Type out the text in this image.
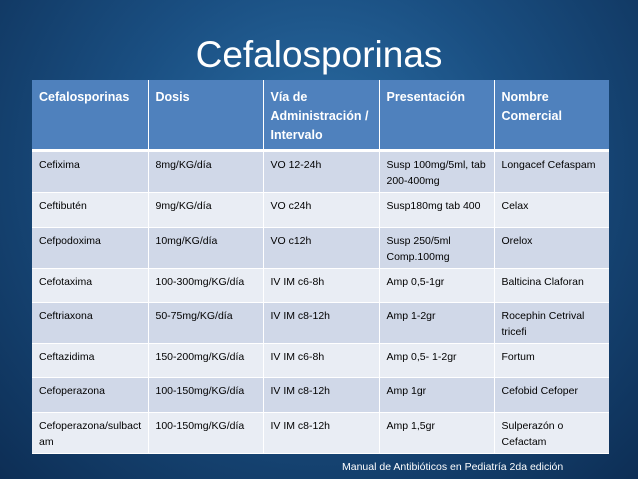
Cefalosporinas
Cefalosporinas	Dosis	Vía de Administración / Intervalo	Presentación	Nombre Comercial
Cefixima	8mg/KG/día	VO 12-24h	Susp 100mg/5ml, tab 200-400mg	Longacef Cefaspam
Ceftibutén	9mg/KG/día	VO c24h	Susp180mg tab 400	Celax
Cefpodoxima	10mg/KG/día	VO c12h	Susp 250/5ml Comp.100mg	Orelox
Cefotaxima	100-300mg/KG/día	IV IM c6-8h	Amp 0,5-1gr	Balticina Claforan
Ceftriaxona	50-75mg/KG/día	IV IM c8-12h	Amp 1-2gr	Rocephin Cetrival tricefi
Ceftazidima	150-200mg/KG/día	IV IM c6-8h	Amp 0,5- 1-2gr	Fortum
Cefoperazona	100-150mg/KG/día	IV IM c8-12h	Amp 1gr	Cefobid Cefoper
Cefoperazona/sulbactam	100-150mg/KG/día	IV IM c8-12h	Amp 1,5gr	Sulperazón o Cefactam
Manual de Antibióticos en Pediatría 2da edición
